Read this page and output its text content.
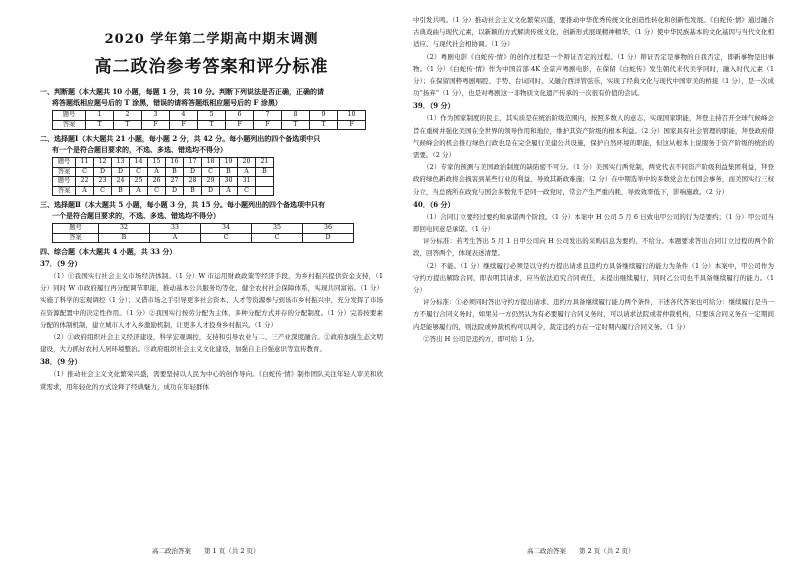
2020 学年第二学期高中期末调测
高二政治参考答案和评分标准

一、判断题（本大题共 10 小题，每题 1 分，共 10 分。判断下列说法是否正确，正确的请

将答题纸相应题号后的 T 涂黑，错误的请将答题纸相应题号后的 F 涂黑）

题号	1	2	3	4	5	6	7	8	9	10
答案	T	T	F	F	T	F	F	T	T	F

二、选择题Ⅰ（本大题共 21 小题，每小题 2 分，共 42 分。每小题列出的四个备选项中只

有一个是符合题目要求的，不选、多选、错选均不得分）

题号	11	12	13	14	15	16	17	18	19	20	21
答案	C	D	D	C	A	B	D	C	B	A	B
题号	22	23	24	25	26	27	28	29	30	31	
答案	A	C	B	A	C	D	B	D	A	C	

三、选择题Ⅱ（本大题共 5 小题，每小题 3 分，共 15 分。每小题列出的四个备选项中只有

一个是符合题目要求的，不选、多选、错选均不得分）

题号	32	33	34	35	36
答案	B	A	C	C	D

四、综合题（本大题共 4 小题，共 33 分）

37．（9 分）

（1）①我国实行社会主义市场经济体制。（1 分）W 市运用财政政策等经济手段，为乡村振兴提供资金支持，（1 分）同时 W 市政府履行再分配调节职能，推动基本公共服务均等化，健全农村社会保障体系，实现共同富裕。（1 分）实施了科学的宏观调控（1 分）；又借市场之手引导更多社会资本、人才等资源参与到该市乡村振兴中，充分发挥了市场在资源配置中的决定性作用。（1 分）②我国实行按劳分配为主体，多种分配方式并存的分配制度。（1 分）完善按要素分配的体制机制，建立城市人才入乡激励机制，让更多人才投身乡村振兴。（1 分）

（2）①政府组织社会主义经济建设，科学宏观调控，支持和引导农业与二、三产业深度融合。②政府加强生态文明建设，大力抓好农村人居环境整治。③政府组织社会主义文化建设，加强自主自强意识等宣传教育。

38．（9 分）

（1）推动社会主义文化繁荣兴盛，需要坚持以人民为中心的创作导向。《白蛇传·情》制作团队关注年轻人审美和欣赏需求，用年轻化的方式诠释了经典魅力，成功在年轻群体

高二政治答案　　第 1 页（共 2 页）

中引发共鸣。（1 分）推动社会主义文化繁荣兴盛，要推动中华优秀传统文化创造性转化和创新性发展。《白蛇传·情》通过融合古典戏曲与现代元素，以新颖的方式解读传统文化，创新形式展现精神精华，（1 分）使中华民族基本的文化基因与当代文化相适应、与现代社会相协调。（1 分）

（2）粤剧电影《白蛇传·情》的创作过程是一个辩证否定的过程。（1 分）辩证否定是事物的自我否定，即新事物是旧事物。（1 分）《白蛇传·情》作为中国首部 4K 全景声粤剧电影，在保留《白蛇传》发生朝代来代美学同时，融入时代元素（1 分）；在保留国粹粤剧唱腔、手势、台词同时，又融合西洋管弦乐，实现了经典文化与现代中国审美的桥接（1 分），是一次成功“扬弃”（1 分），也是对粤剧这一非物质文化遗产传承的一次很有价值的尝试。

39．（9 分）

（1）作为国家制度的民主，其实质是在统治阶级范围内，按照多数人的意志，实现国家职能，拜登主持召开全球气候峰会旨在重树并强化美国在全世界的领导作用和地位，维护其资产阶级的根本利益。（2 分）国家具有社会管理的职能，拜登政府借气候峰会的机会推行绿色行政也是在完全履行美建公共设施，保护自然环境的职能，但这从根本上说服务于资产阶级的统治的需要。（2 分）

（2）专家的预测与美国政治制度的缺陷密不可分。（1 分）美国实行两党制，两党代表不同资产阶级利益集团利益，拜登政府绿色新政将会损害到某些行业的利益，导致其新政难施；（2 分）在中期选举中的多数党会左右国会事务，而美国实行三权分立，当总统所在政党与国会多数党不是同一政党时，常会产生严重内耗，导致效率低下，影响施政。（2 分）

40．（6 分）

（1）合同订立要经过要约和承诺两个阶段。（1 分）本案中 H 公司 5 月 6 日致电甲公司的行为是要约；（1 分）甲公司当即回电同意是承诺。（1 分）

评分标准：若考生答出 5 月 1 日甲公司向 H 公司发出的采购信息为要约，不给分。本题要求答出合同订立过程的两个阶段，回答两个，体现表述清楚。

（2）不能。（1 分）继续履行必须是以守约方提出请求且违约方具备继续履行的能力为条件（1 分）本案中，甲公司作为守约方提出解除合同，即表明其请求，应当依法追究合同责任，未提出继续履行，同时乙公司也不具备继续履行的能力。（1 分）

评分标准：①必须同时答出守约方提出请求、违约方具备继续履行能力两个条件，下述各代答案也可给分：继续履行是当一方不履行合同义务时，如果另一方仍然认为有必要履行合同义务时，可以请求法院或者仲裁机构，只要该合同义务在一定期间内是能够履行的，则法院或仲裁机构可以判令，裁定违约方在一定时期内履行合同义务。（1 分）

②答出 H 公司是违约方，即可给 1 分。

高二政治答案　　第 2 页（共 2 页）
